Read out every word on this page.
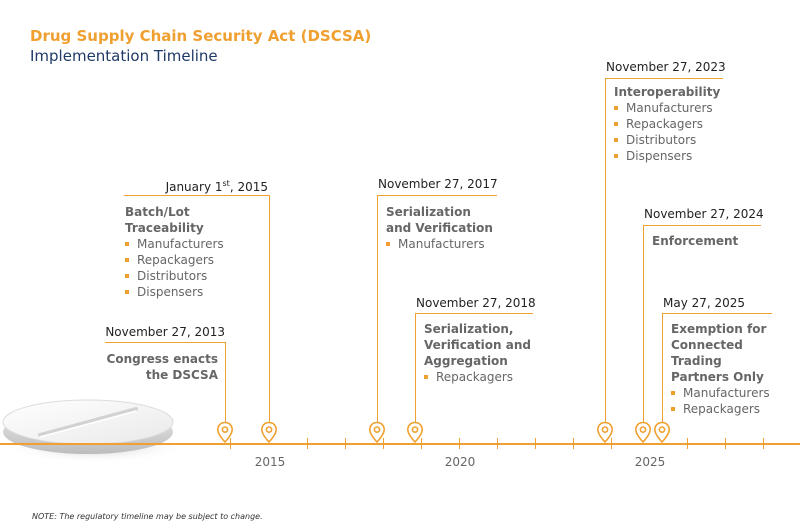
Drug Supply Chain Security Act (DSCSA)
Implementation Timeline
2015	2020	2025
November 27, 2013
Congress enacts
the DSCSA
January 1st, 2015
Batch/Lot Traceability
Manufacturers
Repackagers
Distributors
Dispensers
November 27, 2017
Serialization
and Verification
Manufacturers
November 27, 2018
Serialization,
Verification and
Aggregation
Repackagers
November 27, 2023
Interoperability
Manufacturers
Repackagers
Distributors
Dispensers
November 27, 2024
Enforcement
May 27, 2025
Exemption for
Connected Trading
Partners Only
Manufacturers
Repackagers
NOTE: The regulatory timeline may be subject to change.
